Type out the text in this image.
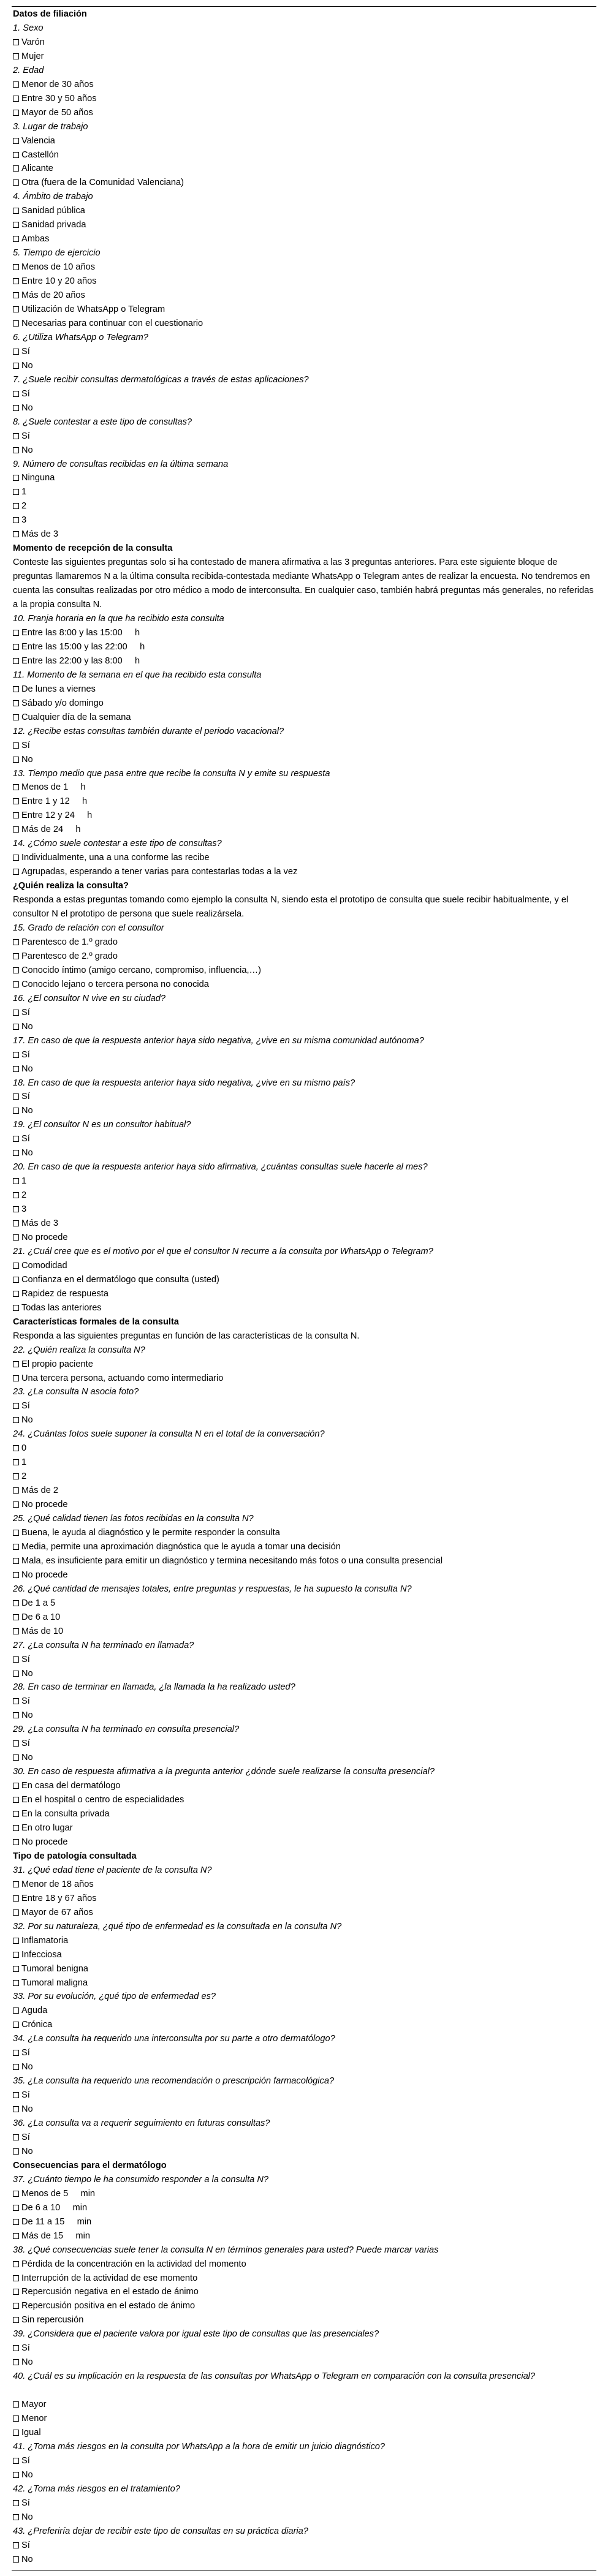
Datos de filiación
1. Sexo
Varón
Mujer
2. Edad
Menor de 30 años
Entre 30 y 50 años
Mayor de 50 años
3. Lugar de trabajo
Valencia
Castellón
Alicante
Otra (fuera de la Comunidad Valenciana)
4. Ámbito de trabajo
Sanidad pública
Sanidad privada
Ambas
5. Tiempo de ejercicio
Menos de 10 años
Entre 10 y 20 años
Más de 20 años
Utilización de WhatsApp o Telegram
Necesarias para continuar con el cuestionario
6. ¿Utiliza WhatsApp o Telegram?
Sí
No
7. ¿Suele recibir consultas dermatológicas a través de estas aplicaciones?
Sí
No
8. ¿Suele contestar a este tipo de consultas?
Sí
No
9. Número de consultas recibidas en la última semana
Ninguna
1
2
3
Más de 3
Momento de recepción de la consulta
Conteste las siguientes preguntas solo si ha contestado de manera afirmativa a las 3 preguntas anteriores. Para este siguiente bloque de preguntas llamaremos N a la última consulta recibida-contestada mediante WhatsApp o Telegram antes de realizar la encuesta. No tendremos en cuenta las consultas realizadas por otro médico a modo de interconsulta. En cualquier caso, también habrá preguntas más generales, no referidas a la propia consulta N.
10. Franja horaria en la que ha recibido esta consulta
Entre las 8:00 y las 15:00     h
Entre las 15:00 y las 22:00     h
Entre las 22:00 y las 8:00     h
11. Momento de la semana en el que ha recibido esta consulta
De lunes a viernes
Sábado y/o domingo
Cualquier día de la semana
12. ¿Recibe estas consultas también durante el periodo vacacional?
Sí
No
13. Tiempo medio que pasa entre que recibe la consulta N y emite su respuesta
Menos de 1     h
Entre 1 y 12     h
Entre 12 y 24     h
Más de 24     h
14. ¿Cómo suele contestar a este tipo de consultas?
Individualmente, una a una conforme las recibe
Agrupadas, esperando a tener varias para contestarlas todas a la vez
¿Quién realiza la consulta?
Responda a estas preguntas tomando como ejemplo la consulta N, siendo esta el prototipo de consulta que suele recibir habitualmente, y el consultor N el prototipo de persona que suele realizársela.
15. Grado de relación con el consultor
Parentesco de 1.º grado
Parentesco de 2.º grado
Conocido íntimo (amigo cercano, compromiso, influencia,…)
Conocido lejano o tercera persona no conocida
16. ¿El consultor N vive en su ciudad?
Sí
No
17. En caso de que la respuesta anterior haya sido negativa, ¿vive en su misma comunidad autónoma?
Sí
No
18. En caso de que la respuesta anterior haya sido negativa, ¿vive en su mismo país?
Sí
No
19. ¿El consultor N es un consultor habitual?
Sí
No
20. En caso de que la respuesta anterior haya sido afirmativa, ¿cuántas consultas suele hacerle al mes?
1
2
3
Más de 3
No procede
21. ¿Cuál cree que es el motivo por el que el consultor N recurre a la consulta por WhatsApp o Telegram?
Comodidad
Confianza en el dermatólogo que consulta (usted)
Rapidez de respuesta
Todas las anteriores
Características formales de la consulta
Responda a las siguientes preguntas en función de las características de la consulta N.
22. ¿Quién realiza la consulta N?
El propio paciente
Una tercera persona, actuando como intermediario
23. ¿La consulta N asocia foto?
Sí
No
24. ¿Cuántas fotos suele suponer la consulta N en el total de la conversación?
0
1
2
Más de 2
No procede
25. ¿Qué calidad tienen las fotos recibidas en la consulta N?
Buena, le ayuda al diagnóstico y le permite responder la consulta
Media, permite una aproximación diagnóstica que le ayuda a tomar una decisión
Mala, es insuficiente para emitir un diagnóstico y termina necesitando más fotos o una consulta presencial
No procede
26. ¿Qué cantidad de mensajes totales, entre preguntas y respuestas, le ha supuesto la consulta N?
De 1 a 5
De 6 a 10
Más de 10
27. ¿La consulta N ha terminado en llamada?
Sí
No
28. En caso de terminar en llamada, ¿la llamada la ha realizado usted?
Sí
No
29. ¿La consulta N ha terminado en consulta presencial?
Sí
No
30. En caso de respuesta afirmativa a la pregunta anterior ¿dónde suele realizarse la consulta presencial?
En casa del dermatólogo
En el hospital o centro de especialidades
En la consulta privada
En otro lugar
No procede
Tipo de patología consultada
31. ¿Qué edad tiene el paciente de la consulta N?
Menor de 18 años
Entre 18 y 67 años
Mayor de 67 años
32. Por su naturaleza, ¿qué tipo de enfermedad es la consultada en la consulta N?
Inflamatoria
Infecciosa
Tumoral benigna
Tumoral maligna
33. Por su evolución, ¿qué tipo de enfermedad es?
Aguda
Crónica
34. ¿La consulta ha requerido una interconsulta por su parte a otro dermatólogo?
Sí
No
35. ¿La consulta ha requerido una recomendación o prescripción farmacológica?
Sí
No
36. ¿La consulta va a requerir seguimiento en futuras consultas?
Sí
No
Consecuencias para el dermatólogo
37. ¿Cuánto tiempo le ha consumido responder a la consulta N?
Menos de 5     min
De 6 a 10     min
De 11 a 15     min
Más de 15     min
38. ¿Qué consecuencias suele tener la consulta N en términos generales para usted? Puede marcar varias
Pérdida de la concentración en la actividad del momento
Interrupción de la actividad de ese momento
Repercusión negativa en el estado de ánimo
Repercusión positiva en el estado de ánimo
Sin repercusión
39. ¿Considera que el paciente valora por igual este tipo de consultas que las presenciales?
Sí
No
40. ¿Cuál es su implicación en la respuesta de las consultas por WhatsApp o Telegram en comparación con la consulta presencial?
Mayor
Menor
Igual
41. ¿Toma más riesgos en la consulta por WhatsApp a la hora de emitir un juicio diagnóstico?
Sí
No
42. ¿Toma más riesgos en el tratamiento?
Sí
No
43. ¿Preferiría dejar de recibir este tipo de consultas en su práctica diaria?
Sí
No
